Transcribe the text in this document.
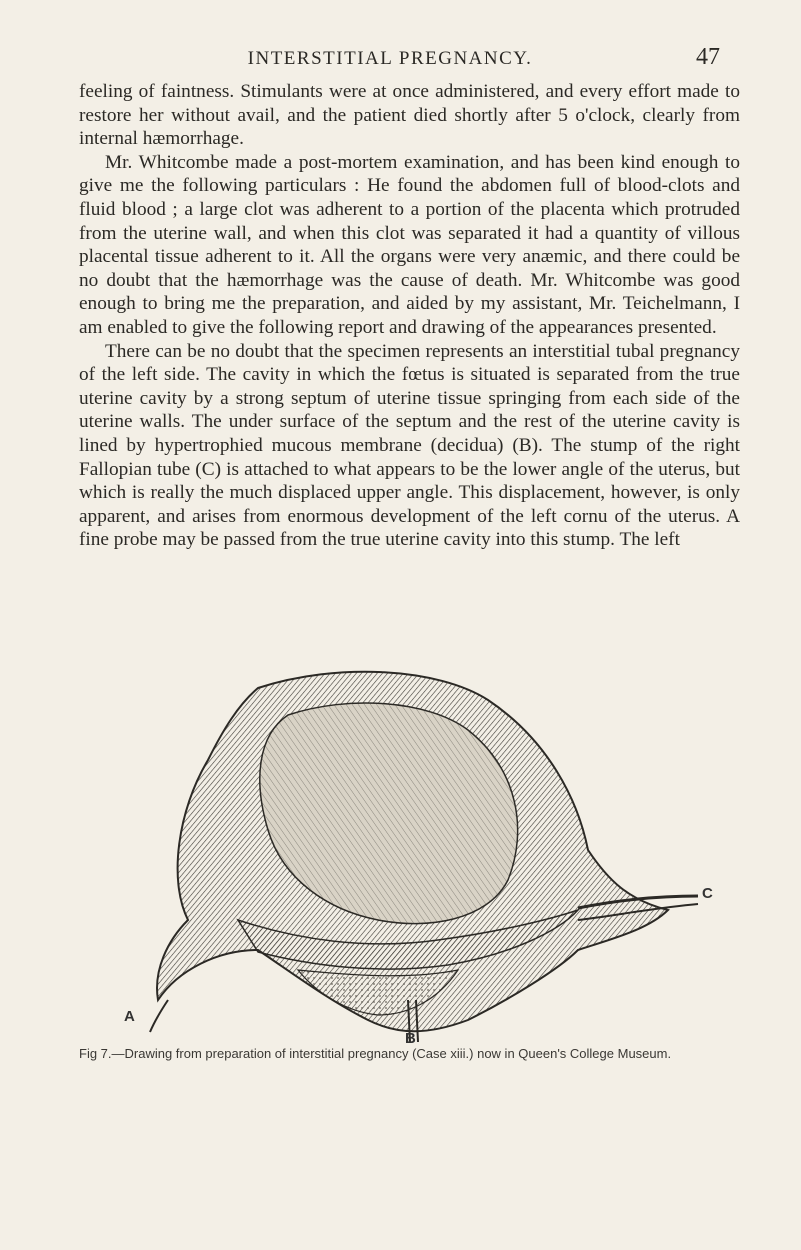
INTERSTITIAL PREGNANCY.	47

feeling of faintness. Stimulants were at once administered, and every effort made to restore her without avail, and the patient died shortly after 5 o'clock, clearly from internal hæmorrhage.

Mr. Whitcombe made a post-mortem examination, and has been kind enough to give me the following particulars : He found the abdomen full of blood-clots and fluid blood ; a large clot was adherent to a portion of the placenta which protruded from the uterine wall, and when this clot was separated it had a quantity of villous placental tissue adherent to it. All the organs were very anæmic, and there could be no doubt that the hæmorrhage was the cause of death. Mr. Whitcombe was good enough to bring me the preparation, and aided by my assistant, Mr. Teichelmann, I am enabled to give the following report and drawing of the appearances presented.

There can be no doubt that the specimen represents an interstitial tubal pregnancy of the left side. The cavity in which the fœtus is situated is separated from the true uterine cavity by a strong septum of uterine tissue springing from each side of the uterine walls. The under surface of the septum and the rest of the uterine cavity is lined by hypertrophied mucous membrane (decidua) (B). The stump of the right Fallopian tube (C) is attached to what appears to be the lower angle of the uterus, but which is really the much displaced upper angle. This displacement, however, is only apparent, and arises from enormous development of the left cornu of the uterus. A fine probe may be passed from the true uterine cavity into this stump. The left

A
B
C
Fig 7.—Drawing from preparation of interstitial pregnancy (Case xiii.) now in Queen's College Museum.
